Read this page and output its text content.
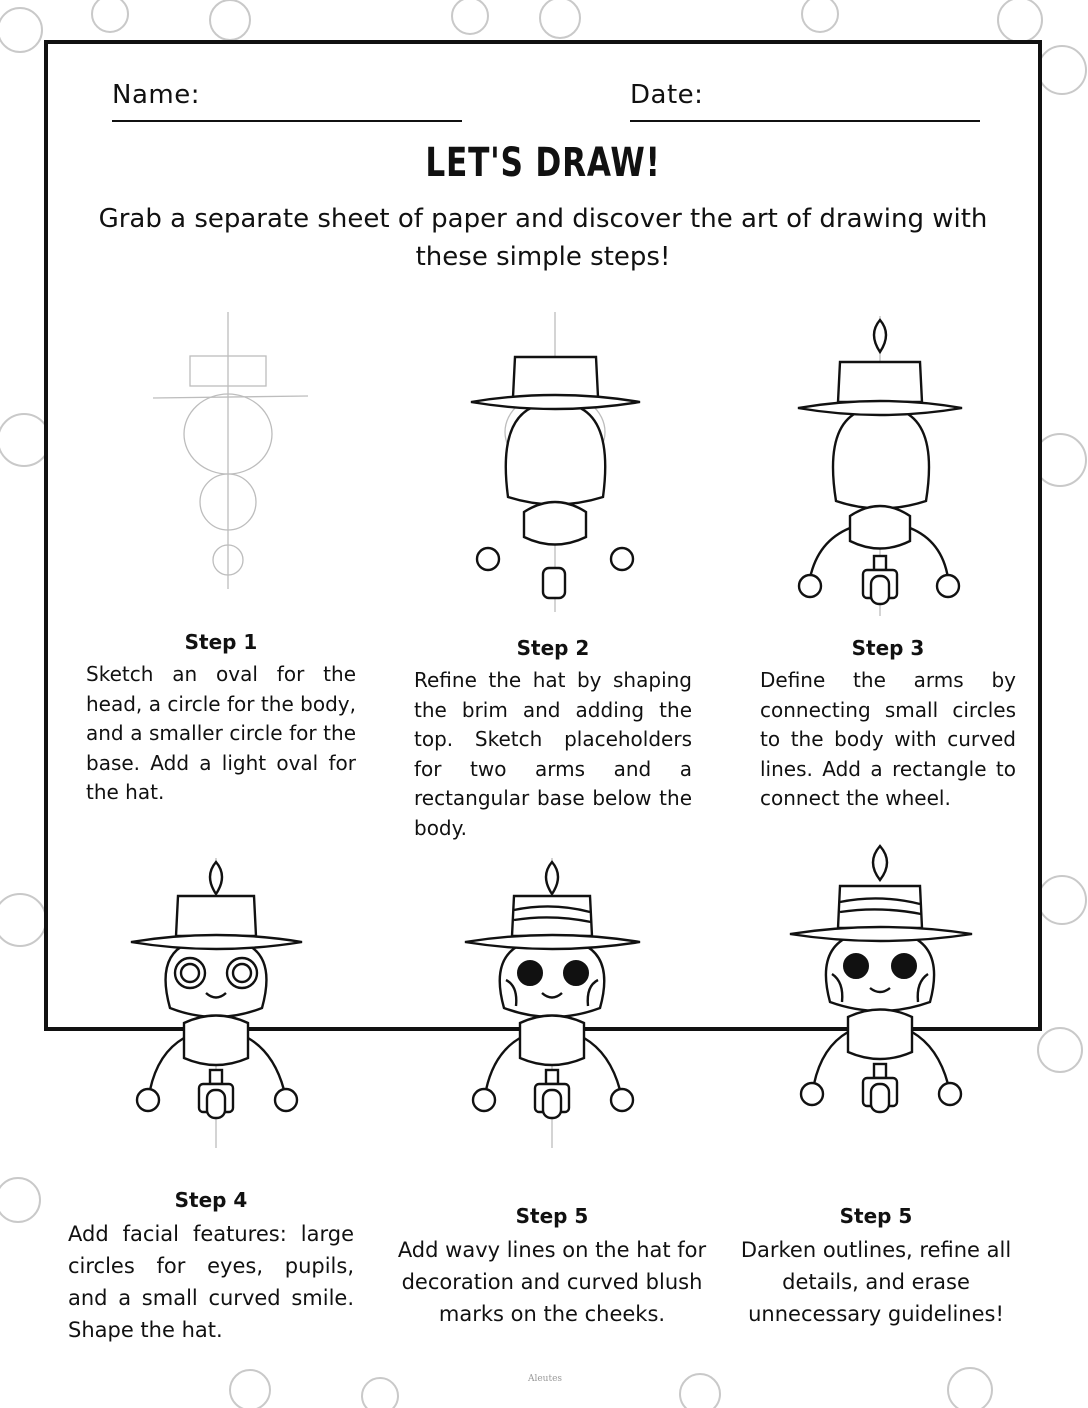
Name:	Date:
LET'S DRAW!
Grab a separate sheet of paper and discover the art of drawing with these simple steps!
Step 1
Sketch an oval for the head, a circle for the body, and a smaller circle for the base. Add a light oval for the hat.
Step 2
Refine the hat by shaping the brim and adding the top. Sketch placeholders for two arms and a rectangular base below the body.
Step 3
Define the arms by connecting small circles to the body with curved lines. Add a rectangle to connect the wheel.
Step 4
Add facial features: large circles for eyes, pupils, and a small curved smile. Shape the hat.
Step 5
Add wavy lines on the hat for decoration and curved blush marks on the cheeks.
Step 5
Darken outlines, refine all details, and erase unnecessary guidelines!
Aleutes
